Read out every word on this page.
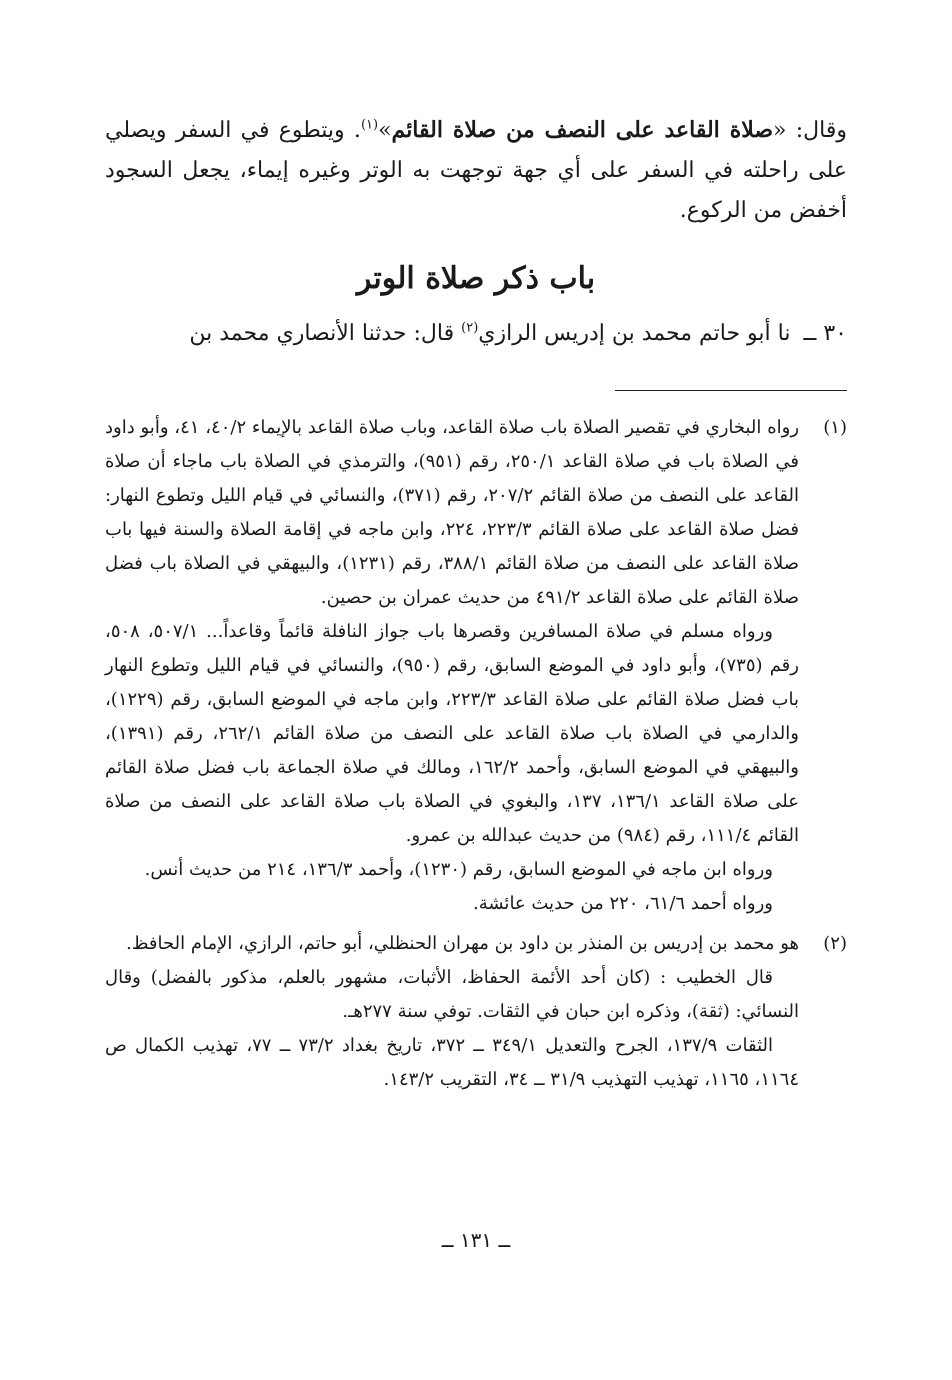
وقال: «صلاة القاعد على النصف من صلاة القائم»$^{(١)}$. ويتطوع في السفر ويصلي على راحلته في السفر على أي جهة توجهت به الوتر وغيره إيماء، يجعل السجود أخفض من الركوع.

باب ذكر صلاة الوتر

٣٠ ــ نا أبو حاتم محمد بن إدريس الرازي$^{(٢)}$ قال: حدثنا الأنصاري محمد بن

(١)

رواه البخاري في تقصير الصلاة باب صلاة القاعد، وباب صلاة القاعد بالإيماء ٤٠/٢، ٤١، وأبو داود في الصلاة باب في صلاة القاعد ٢٥٠/١، رقم (٩٥١)، والترمذي في الصلاة باب ماجاء أن صلاة القاعد على النصف من صلاة القائم ٢٠٧/٢، رقم (٣٧١)، والنسائي في قيام الليل وتطوع النهار: فضل صلاة القاعد على صلاة القائم ٢٢٣/٣، ٢٢٤، وابن ماجه في إقامة الصلاة والسنة فيها باب صلاة القاعد على النصف من صلاة القائم ٣٨٨/١، رقم (١٢٣١)، والبيهقي في الصلاة باب فضل صلاة القائم على صلاة القاعد ٤٩١/٢ من حديث عمران بن حصين.

ورواه مسلم في صلاة المسافرين وقصرها باب جواز النافلة قائماً وقاعداً... ٥٠٧/١، ٥٠٨، رقم (٧٣٥)، وأبو داود في الموضع السابق، رقم (٩٥٠)، والنسائي في قيام الليل وتطوع النهار باب فضل صلاة القائم على صلاة القاعد ٢٢٣/٣، وابن ماجه في الموضع السابق، رقم (١٢٢٩)، والدارمي في الصلاة باب صلاة القاعد على النصف من صلاة القائم ٢٦٢/١، رقم (١٣٩١)، والبيهقي في الموضع السابق، وأحمد ١٦٢/٢، ومالك في صلاة الجماعة باب فضل صلاة القائم على صلاة القاعد ١٣٦/١، ١٣٧، والبغوي في الصلاة باب صلاة القاعد على النصف من صلاة القائم ١١١/٤، رقم (٩٨٤) من حديث عبدالله بن عمرو.

ورواه ابن ماجه في الموضع السابق، رقم (١٢٣٠)، وأحمد ١٣٦/٣، ٢١٤ من حديث أنس.

ورواه أحمد ٦١/٦، ٢٢٠ من حديث عائشة.

(٢)

هو محمد بن إدريس بن المنذر بن داود بن مهران الحنظلي، أبو حاتم، الرازي، الإمام الحافظ.

قال الخطيب : (كان أحد الأئمة الحفاظ، الأثبات، مشهور بالعلم، مذكور بالفضل) وقال النسائي: (ثقة)، وذكره ابن حبان في الثقات. توفي سنة ٢٧٧هـ.

الثقات ١٣٧/٩، الجرح والتعديل ٣٤٩/١ ــ ٣٧٢، تاريخ بغداد ٧٣/٢ ــ ٧٧، تهذيب الكمال ص ١١٦٤، ١١٦٥، تهذيب التهذيب ٣١/٩ ــ ٣٤، التقريب ١٤٣/٢.

ــ ١٣١ ــ
